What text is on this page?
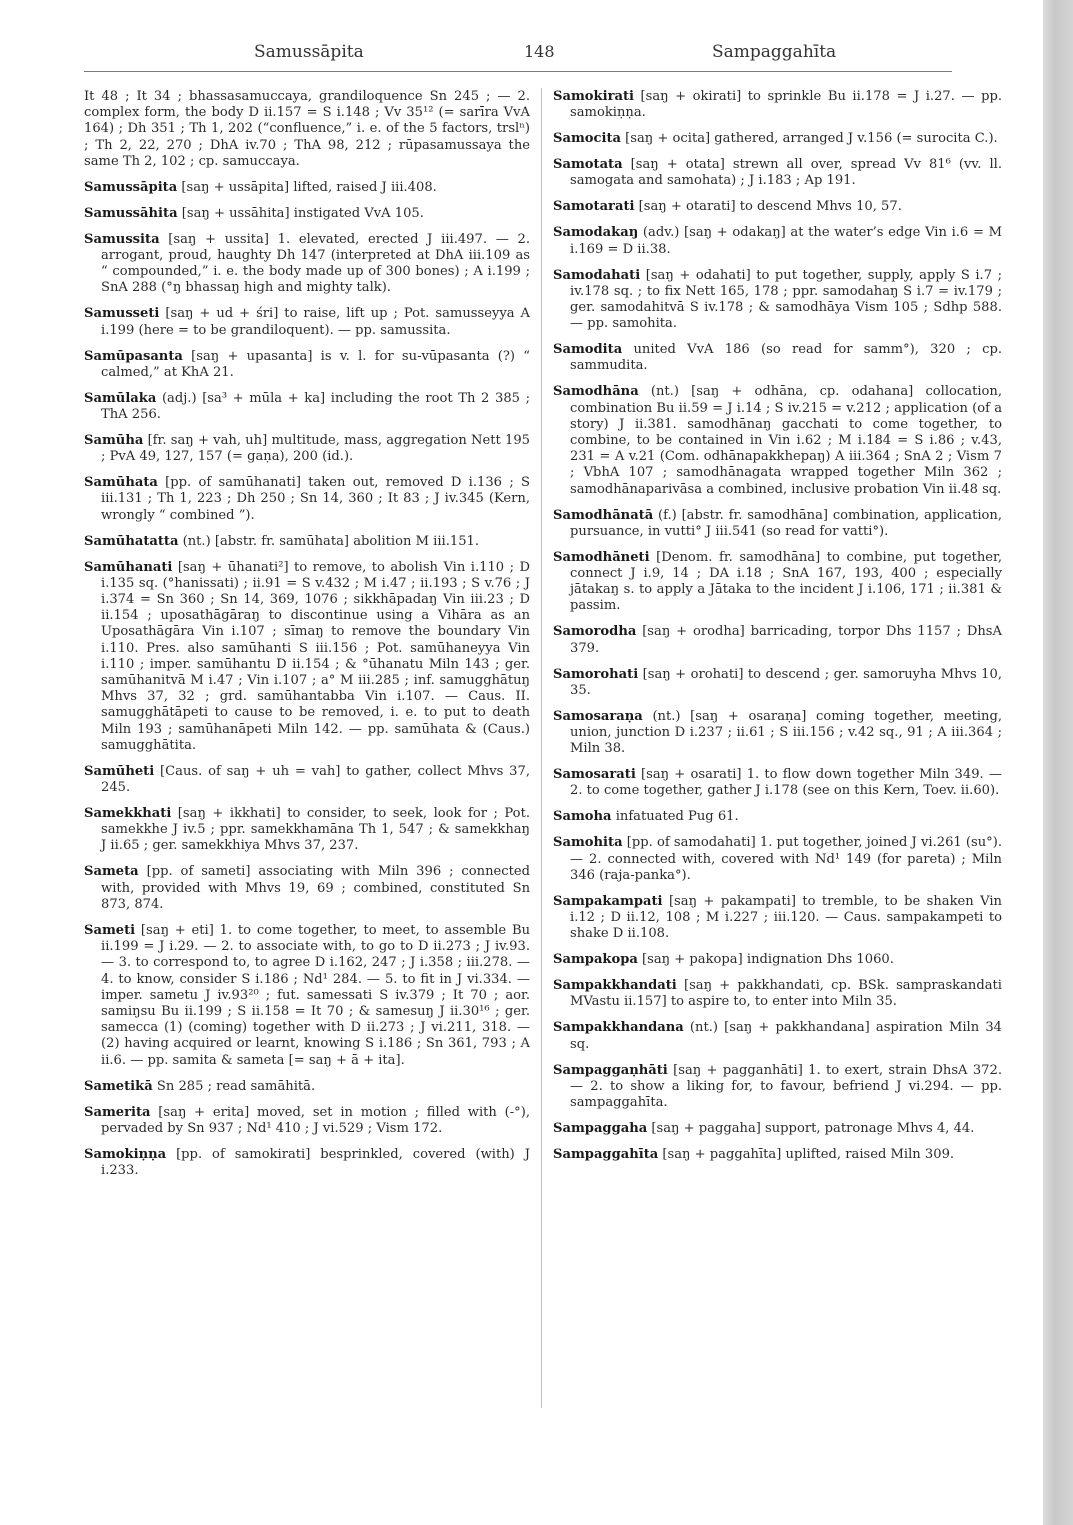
Samussāpita	148	Sampaggahīta

It 48 ; It 34 ; bhassasamuccaya, grandiloquence Sn 245 ; — 2. complex form, the body D ii.157 = S i.148 ; Vv 35¹² (= sarīra VvA 164) ; Dh 351 ; Th 1, 202 (“confluence,” i. e. of the 5 factors, trslⁿ) ; Th 2, 22, 270 ; DhA iv.70 ; ThA 98, 212 ; rūpasamussaya the same Th 2, 102 ; cp. samuccaya.

Samussāpita [saŋ + ussāpita] lifted, raised J iii.408.

Samussāhita [saŋ + ussāhita] instigated VvA 105.

Samussita [saŋ + ussita] 1. elevated, erected J iii.497. — 2. arrogant, proud, haughty Dh 147 (interpreted at DhA iii.109 as “ compounded,” i. e. the body made up of 300 bones) ; A i.199 ; SnA 288 (°ŋ bhassaŋ high and mighty talk).

Samusseti [saŋ + ud + śri] to raise, lift up ; Pot. samusseyya A i.199 (here = to be grandiloquent). — pp. samussita.

Samūpasanta [saŋ + upasanta] is v. l. for su-vūpasanta (?) “ calmed,” at KhA 21.

Samūlaka (adj.) [sa³ + mūla + ka] including the root Th 2 385 ; ThA 256.

Samūha [fr. saŋ + vah, uh] multitude, mass, aggregation Nett 195 ; PvA 49, 127, 157 (= gaṇa), 200 (id.).

Samūhata [pp. of samūhanati] taken out, removed D i.136 ; S iii.131 ; Th 1, 223 ; Dh 250 ; Sn 14, 360 ; It 83 ; J iv.345 (Kern, wrongly “ combined ”).

Samūhatatta (nt.) [abstr. fr. samūhata] abolition M iii.151.

Samūhanati [saŋ + ūhanati²] to remove, to abolish Vin i.110 ; D i.135 sq. (°hanissati) ; ii.91 = S v.432 ; M i.47 ; ii.193 ; S v.76 ; J i.374 = Sn 360 ; Sn 14, 369, 1076 ; sikkhāpadaŋ Vin iii.23 ; D ii.154 ; uposathāgāraŋ to discontinue using a Vihāra as an Uposathāgāra Vin i.107 ; sīmaŋ to remove the boundary Vin i.110. Pres. also samūhanti S iii.156 ; Pot. samūhaneyya Vin i.110 ; imper. samūhantu D ii.154 ; & °ūhanatu Miln 143 ; ger. samūhanitvā M i.47 ; Vin i.107 ; a° M iii.285 ; inf. samugghātuŋ Mhvs 37, 32 ; grd. samūhantabba Vin i.107. — Caus. II. samugghātāpeti to cause to be removed, i. e. to put to death Miln 193 ; samūhanāpeti Miln 142. — pp. samūhata & (Caus.) samugghātita.

Samūheti [Caus. of saŋ + uh = vah] to gather, collect Mhvs 37, 245.

Samekkhati [saŋ + ikkhati] to consider, to seek, look for ; Pot. samekkhe J iv.5 ; ppr. samekkhamāna Th 1, 547 ; & samekkhaŋ J ii.65 ; ger. samekkhiya Mhvs 37, 237.

Sameta [pp. of sameti] associating with Miln 396 ; connected with, provided with Mhvs 19, 69 ; combined, constituted Sn 873, 874.

Sameti [saŋ + eti] 1. to come together, to meet, to assemble Bu ii.199 = J i.29. — 2. to associate with, to go to D ii.273 ; J iv.93. — 3. to correspond to, to agree D i.162, 247 ; J i.358 ; iii.278. — 4. to know, consider S i.186 ; Nd¹ 284. — 5. to fit in J vi.334. — imper. sametu J iv.93²⁰ ; fut. samessati S iv.379 ; It 70 ; aor. samiŋsu Bu ii.199 ; S ii.158 = It 70 ; & samesuŋ J ii.30¹⁶ ; ger. samecca (1) (coming) together with D ii.273 ; J vi.211, 318. — (2) having acquired or learnt, knowing S i.186 ; Sn 361, 793 ; A ii.6. — pp. samita & sameta [= saŋ + ā + ita].

Sametikā Sn 285 ; read samāhitā.

Samerita [saŋ + erita] moved, set in motion ; filled with (-°), pervaded by Sn 937 ; Nd¹ 410 ; J vi.529 ; Vism 172.

Samokiṇṇa [pp. of samokirati] besprinkled, covered (with) J i.233.

Samokirati [saŋ + okirati] to sprinkle Bu ii.178 = J i.27. — pp. samokiṇṇa.

Samocita [saŋ + ocita] gathered, arranged J v.156 (= surocita C.).

Samotata [saŋ + otata] strewn all over, spread Vv 81⁶ (vv. ll. samogata and samohata) ; J i.183 ; Ap 191.

Samotarati [saŋ + otarati] to descend Mhvs 10, 57.

Samodakaŋ (adv.) [saŋ + odakaŋ] at the water’s edge Vin i.6 = M i.169 = D ii.38.

Samodahati [saŋ + odahati] to put together, supply, apply S i.7 ; iv.178 sq. ; to fix Nett 165, 178 ; ppr. samodahaŋ S i.7 = iv.179 ; ger. samodahitvā S iv.178 ; & samodhāya Vism 105 ; Sdhp 588. — pp. samohita.

Samodita united VvA 186 (so read for samm°), 320 ; cp. sammudita.

Samodhāna (nt.) [saŋ + odhāna, cp. odahana] collocation, combination Bu ii.59 = J i.14 ; S iv.215 = v.212 ; application (of a story) J ii.381. samodhānaŋ gacchati to come together, to combine, to be contained in Vin i.62 ; M i.184 = S i.86 ; v.43, 231 = A v.21 (Com. odhānapakkhepaŋ) A iii.364 ; SnA 2 ; Vism 7 ; VbhA 107 ; samodhānagata wrapped together Miln 362 ; samodhānaparivāsa a combined, inclusive probation Vin ii.48 sq.

Samodhānatā (f.) [abstr. fr. samodhāna] combination, application, pursuance, in vutti° J iii.541 (so read for vatti°).

Samodhāneti [Denom. fr. samodhāna] to combine, put together, connect J i.9, 14 ; DA i.18 ; SnA 167, 193, 400 ; especially jātakaŋ s. to apply a Jātaka to the incident J i.106, 171 ; ii.381 & passim.

Samorodha [saŋ + orodha] barricading, torpor Dhs 1157 ; DhsA 379.

Samorohati [saŋ + orohati] to descend ; ger. samoruyha Mhvs 10, 35.

Samosaraṇa (nt.) [saŋ + osaraṇa] coming together, meeting, union, junction D i.237 ; ii.61 ; S iii.156 ; v.42 sq., 91 ; A iii.364 ; Miln 38.

Samosarati [saŋ + osarati] 1. to flow down together Miln 349. — 2. to come together, gather J i.178 (see on this Kern, Toev. ii.60).

Samoha infatuated Pug 61.

Samohita [pp. of samodahati] 1. put together, joined J vi.261 (su°). — 2. connected with, covered with Nd¹ 149 (for pareta) ; Miln 346 (raja-panka°).

Sampakampati [saŋ + pakampati] to tremble, to be shaken Vin i.12 ; D ii.12, 108 ; M i.227 ; iii.120. — Caus. sampakampeti to shake D ii.108.

Sampakopa [saŋ + pakopa] indignation Dhs 1060.

Sampakkhandati [saŋ + pakkhandati, cp. BSk. sampraskandati MVastu ii.157] to aspire to, to enter into Miln 35.

Sampakkhandana (nt.) [saŋ + pakkhandana] aspiration Miln 34 sq.

Sampaggaṇhāti [saŋ + pagganhāti] 1. to exert, strain DhsA 372. — 2. to show a liking for, to favour, befriend J vi.294. — pp. sampaggahīta.

Sampaggaha [saŋ + paggaha] support, patronage Mhvs 4, 44.

Sampaggahīta [saŋ + paggahīta] uplifted, raised Miln 309.
